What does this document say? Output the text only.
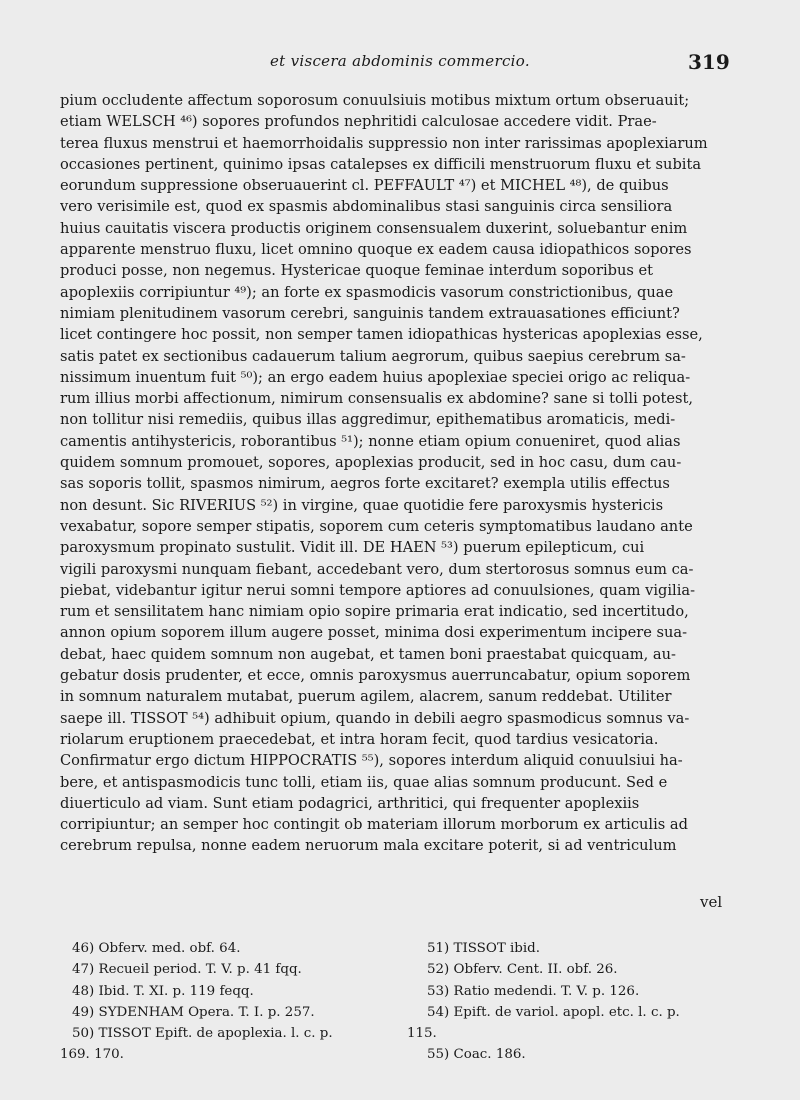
et viscera abdominis commercio.	319
pium occludente affectum soporosum conuulsiuis motibus mixtum ortum obseruauit;
etiam WELSCH ⁴⁶) sopores profundos nephritidi calculosae accedere vidit. Prae-
terea fluxus menstrui et haemorrhoidalis suppressio non inter rarissimas apoplexiarum
occasiones pertinent, quinimo ipsas catalepses ex difficili menstruorum fluxu et subita
eorundum suppressione obseruauerint cl. PEFFAULT ⁴⁷) et MICHEL ⁴⁸), de quibus
vero verisimile est, quod ex spasmis abdominalibus stasi sanguinis circa sensiliora
huius cauitatis viscera productis originem consensualem duxerint, soluebantur enim
apparente menstruo fluxu, licet omnino quoque ex eadem causa idiopathicos sopores
produci posse, non negemus. Hystericae quoque feminae interdum soporibus et
apoplexiis corripiuntur ⁴⁹); an forte ex spasmodicis vasorum constrictionibus, quae
nimiam plenitudinem vasorum cerebri, sanguinis tandem extrauasationes efficiunt?
licet contingere hoc possit, non semper tamen idiopathicas hystericas apoplexias esse,
satis patet ex sectionibus cadauerum talium aegrorum, quibus saepius cerebrum sa-
nissimum inuentum fuit ⁵⁰); an ergo eadem huius apoplexiae speciei origo ac reliqua-
rum illius morbi affectionum, nimirum consensualis ex abdomine? sane si tolli potest,
non tollitur nisi remediis, quibus illas aggredimur, epithematibus aromaticis, medi-
camentis antihystericis, roborantibus ⁵¹); nonne etiam opium conueniret, quod alias
quidem somnum promouet, sopores, apoplexias producit, sed in hoc casu, dum cau-
sas soporis tollit, spasmos nimirum, aegros forte excitaret? exempla utilis effectus
non desunt. Sic RIVERIUS ⁵²) in virgine, quae quotidie fere paroxysmis hystericis
vexabatur, sopore semper stipatis, soporem cum ceteris symptomatibus laudano ante
paroxysmum propinato sustulit. Vidit ill. DE HAEN ⁵³) puerum epilepticum, cui
vigili paroxysmi nunquam fiebant, accedebant vero, dum stertorosus somnus eum ca-
piebat, videbantur igitur nerui somni tempore aptiores ad conuulsiones, quam vigilia-
rum et sensilitatem hanc nimiam opio sopire primaria erat indicatio, sed incertitudo,
annon opium soporem illum augere posset, minima dosi experimentum incipere sua-
debat, haec quidem somnum non augebat, et tamen boni praestabat quicquam, au-
gebatur dosis prudenter, et ecce, omnis paroxysmus auerruncabatur, opium soporem
in somnum naturalem mutabat, puerum agilem, alacrem, sanum reddebat. Utiliter
saepe ill. TISSOT ⁵⁴) adhibuit opium, quando in debili aegro spasmodicus somnus va-
riolarum eruptionem praecedebat, et intra horam fecit, quod tardius vesicatoria.
Confirmatur ergo dictum HIPPOCRATIS ⁵⁵), sopores interdum aliquid conuulsiui ha-
bere, et antispasmodicis tunc tolli, etiam iis, quae alias somnum producunt. Sed e
diuerticulo ad viam. Sunt etiam podagrici, arthritici, qui frequenter apoplexiis
corripiuntur; an semper hoc contingit ob materiam illorum morborum ex articulis ad
cerebrum repulsa, nonne eadem neruorum mala excitare poterit, si ad ventriculum
vel
46) Obferv. med. obf. 64.
47) Recueil period. T. V. p. 41 fqq.
48) Ibid. T. XI. p. 119 feqq.
49) SYDENHAM Opera. T. I. p. 257.
50) TISSOT Epift. de apoplexia. l. c. p.
169. 170.
51) TISSOT ibid.
52) Obferv. Cent. II. obf. 26.
53) Ratio medendi. T. V. p. 126.
54) Epift. de variol. apopl. etc. l. c. p.
115.
55) Coac. 186.
